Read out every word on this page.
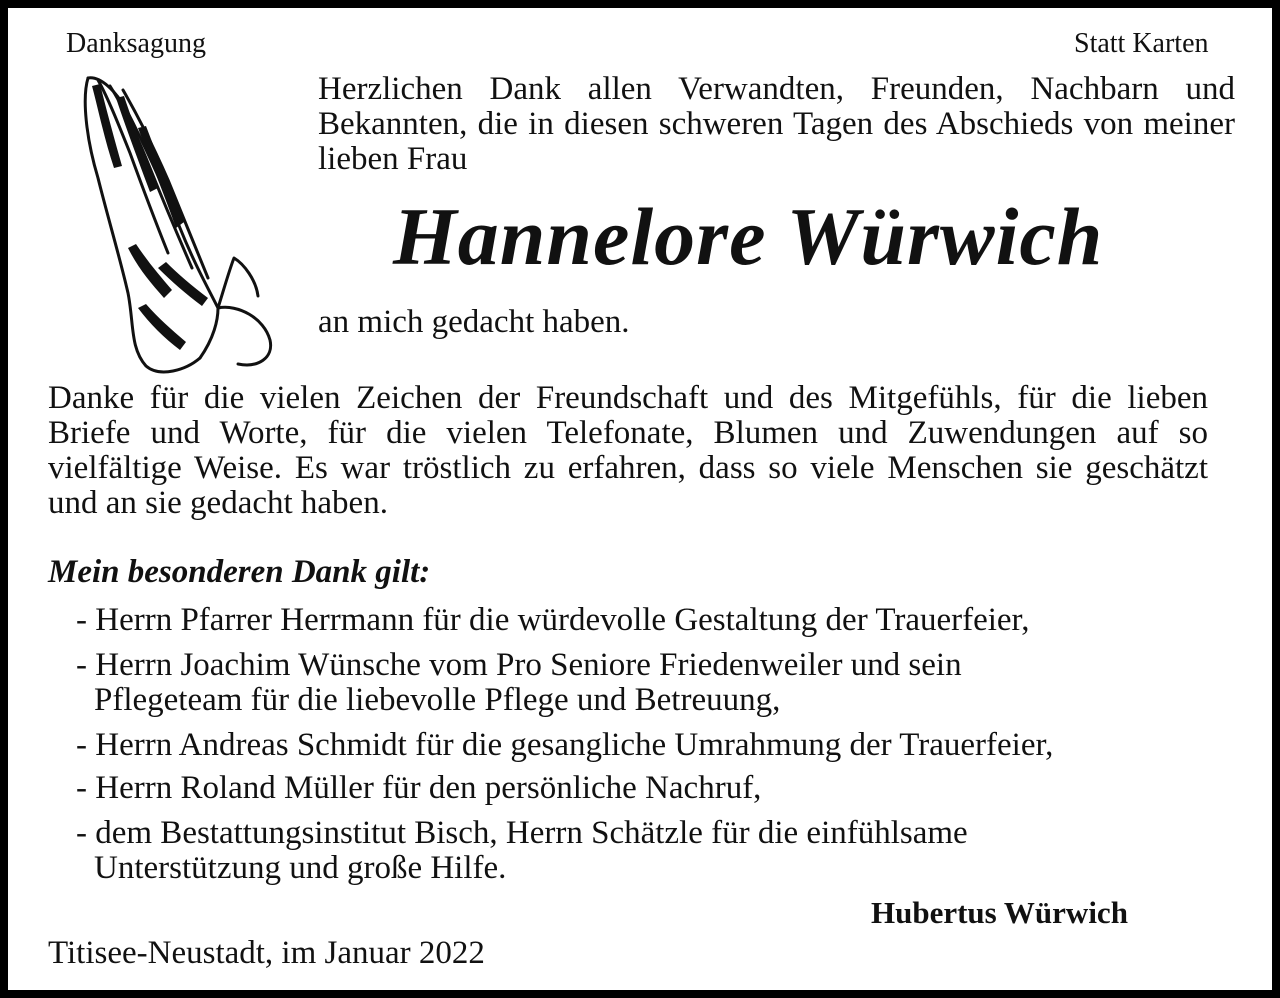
Danksagung	Statt Karten
Herzlichen Dank allen Verwandten, Freunden, Nachbarn und Bekannten, die in diesen schweren Tagen des Abschieds von meiner lieben Frau
Hannelore Würwich
an mich gedacht haben.
Danke für die vielen Zeichen der Freundschaft und des Mitgefühls, für die lieben Briefe und Worte, für die vielen Telefonate, Blumen und Zuwendungen auf so vielfältige Weise. Es war tröstlich zu erfahren, dass so viele Menschen sie geschätzt und an sie gedacht haben.
Mein besonderen Dank gilt:
- Herrn Pfarrer Herrmann für die würdevolle Gestaltung der Trauerfeier,
- Herrn Joachim Wünsche vom Pro Seniore Friedenweiler und sein
Pflegeteam für die liebevolle Pflege und Betreuung,
- Herrn Andreas Schmidt für die gesangliche Umrahmung der Trauerfeier,
- Herrn Roland Müller für den persönliche Nachruf,
- dem Bestattungsinstitut Bisch, Herrn Schätzle für die einfühlsame
Unterstützung und große Hilfe.
Hubertus Würwich
Titisee-Neustadt, im Januar 2022
